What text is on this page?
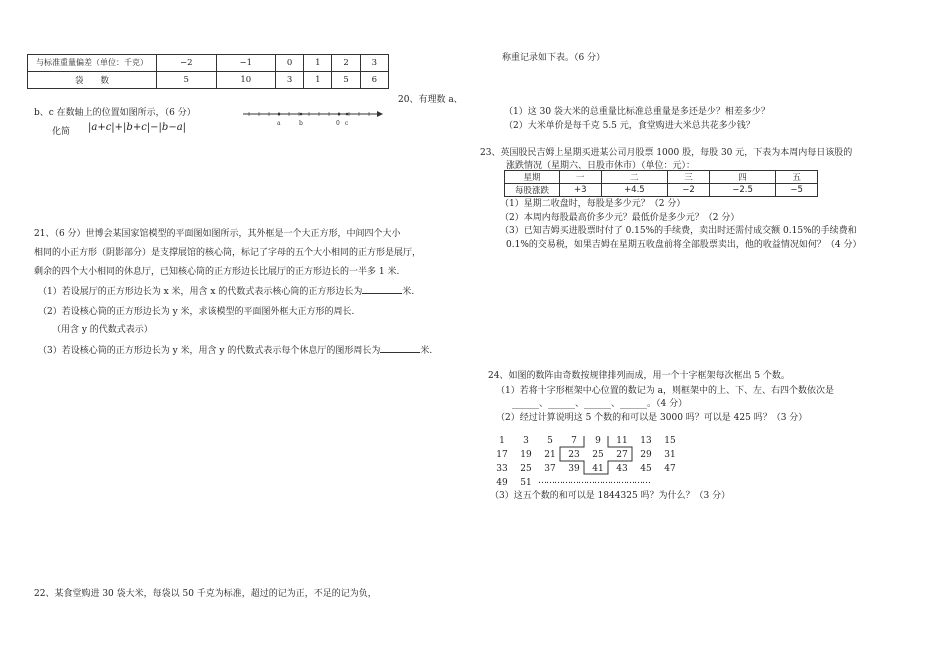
与标准重量偏差（单位：千克）	−2	−1	0	1	2	3
袋　　数	5	10	3	1	5	6
20、有理数 a、
b、c 在数轴上的位置如图所示，（6 分）
化简 |a+c|+|b+c|−|b−a|	a	b	0 c
21、（6 分）世博会某国家馆模型的平面图如图所示，其外框是一个大正方形，中间四个大小
相同的小正方形（阴影部分）是支撑展馆的核心筒，标记了字母的五个大小相同的正方形是展厅，
剩余的四个大小相同的休息厅，已知核心筒的正方形边长比展厅的正方形边长的一半多 1 米.
（1）若设展厅的正方形边长为 x 米，用含 x 的代数式表示核心筒的正方形边长为	米.
（2）若设核心筒的正方形边长为 y 米，求该模型的平面图外框大正方形的周长.
（用含 y 的代数式表示）
（3）若设核心筒的正方形边长为 y 米，用含 y 的代数式表示每个休息厅的图形周长为	米.
22、某食堂购进 30 袋大米，每袋以 50 千克为标准，超过的记为正，不足的记为负，
称重记录如下表。（6 分）
（1）这 30 袋大米的总重量比标准总重量是多还是少？相差多少？
（2）大米单价是每千克 5.5 元，食堂购进大米总共花多少钱？
23、英国股民吉姆上星期买进某公司月股票 1000 股，每股 30 元，下表为本周内每日该股的
涨跌情况（星期六、日股市休市）（单位：元）：
星期	一	二	三	四	五
每股涨跌	+3	+4.5	−2	−2.5	−5
（1）星期二收盘时，每股是多少元？（2 分）
（2）本周内每股最高价多少元？最低价是多少元？（2 分）
（3）已知吉姆买进股票时付了 0.15%的手续费，卖出时还需付成交额 0.15%的手续费和
0.1%的交易税，如果吉姆在星期五收盘前将全部股票卖出，他的收益情况如何？（4 分）
24、如图的数阵由奇数按规律排列而成，用一个十字框架每次框出 5 个数。
（1）若将十字形框架中心位置的数记为 a，则框架中的上、下、左、右四个数依次是
______、______、______、______。（4 分）
（2）经过计算说明这 5 个数的和可以是 3000 吗？可以是 425 吗？（3 分）
1	3	5	7	9	11	13	15
17	19	21	23	25	27	29	31
33	25	37	39	41	43	45	47
49	51 ……………………………………
（3）这五个数的和可以是 1844325 吗？为什么？（3 分）
